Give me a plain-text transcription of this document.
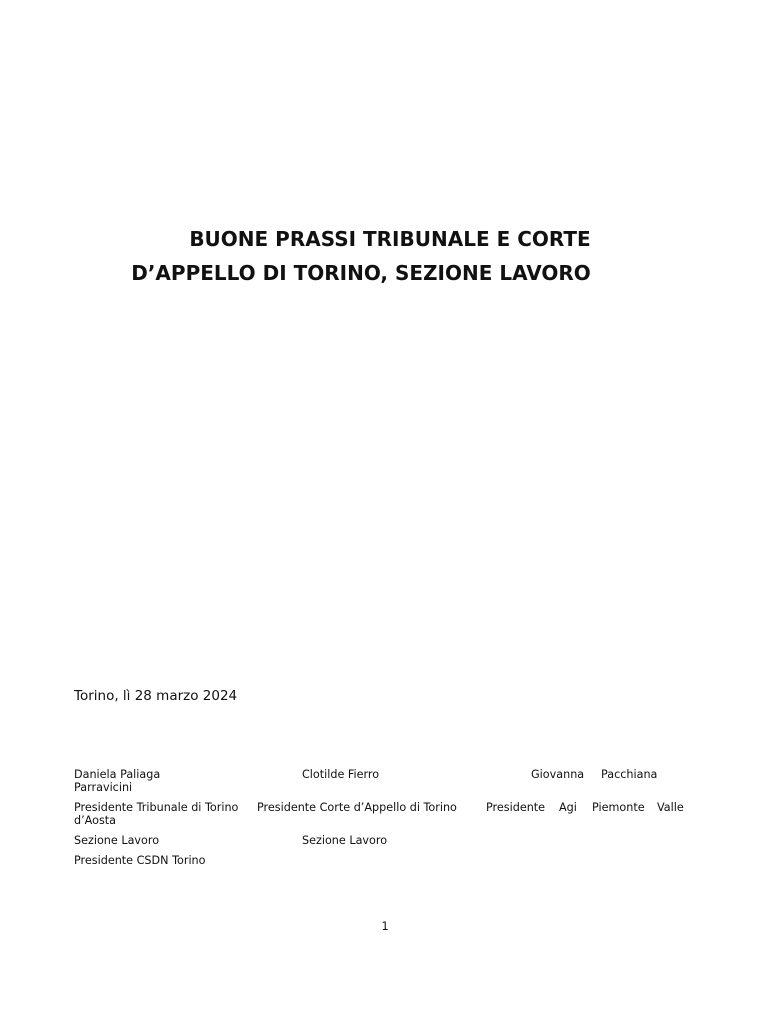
BUONE PRASSI TRIBUNALE E CORTE
D’APPELLO DI TORINO, SEZIONE LAVORO
Torino, lì 28 marzo 2024
Daniela Paliaga
Parravicini
Presidente Tribunale di Torino
d’Aosta
Sezione Lavoro
Presidente CSDN Torino
Clotilde Fierro
Presidente Corte d’Appello di Torino
Sezione Lavoro
Giovanna Pacchiana
Presidente Agi Piemonte Valle
1
